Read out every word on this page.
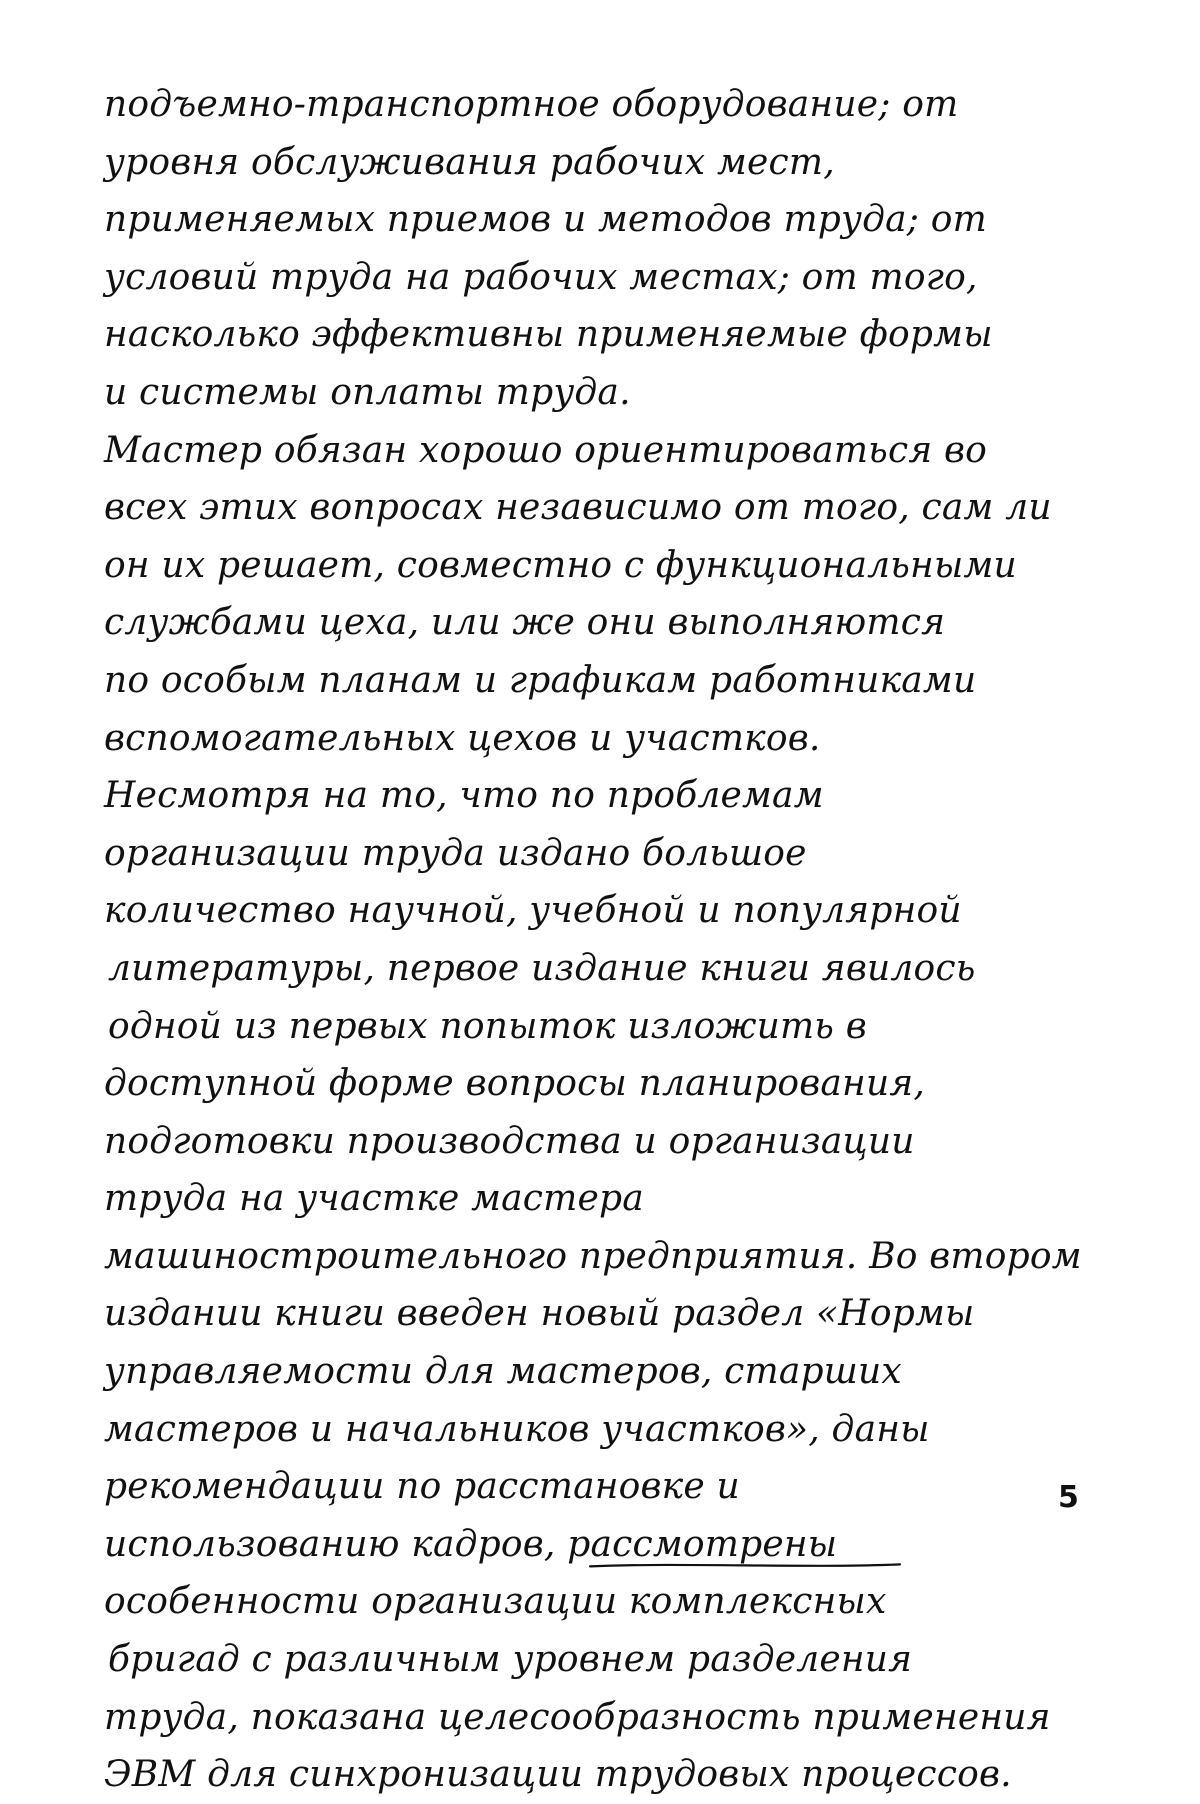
подъемно-транспортное оборудование; от
уровня обслуживания рабочих мест,
применяемых приемов и методов труда; от
условий труда на рабочих местах; от того,
насколько эффективны применяемые формы
и системы оплаты труда.
Мастер обязан хорошо ориентироваться во
всех этих вопросах независимо от того, сам ли
он их решает, совместно с функциональными
службами цеха, или же они выполняются
по особым планам и графикам работниками
вспомогательных цехов и участков.
Несмотря на то, что по проблемам
организации труда издано большое
количество научной, учебной и популярной
литературы, первое издание книги явилось
одной из первых попыток изложить в
доступной форме вопросы планирования,
подготовки производства и организации
труда на участке мастера
машиностроительного предприятия. Во втором
издании книги введен новый раздел «Нормы
управляемости для мастеров, старших
мастеров и начальников участков», даны
рекомендации по расстановке и
использованию кадров, рассмотрены
особенности организации комплексных
бригад с различным уровнем разделения
труда, показана целесообразность применения
ЭВМ для синхронизации трудовых процессов.
5
